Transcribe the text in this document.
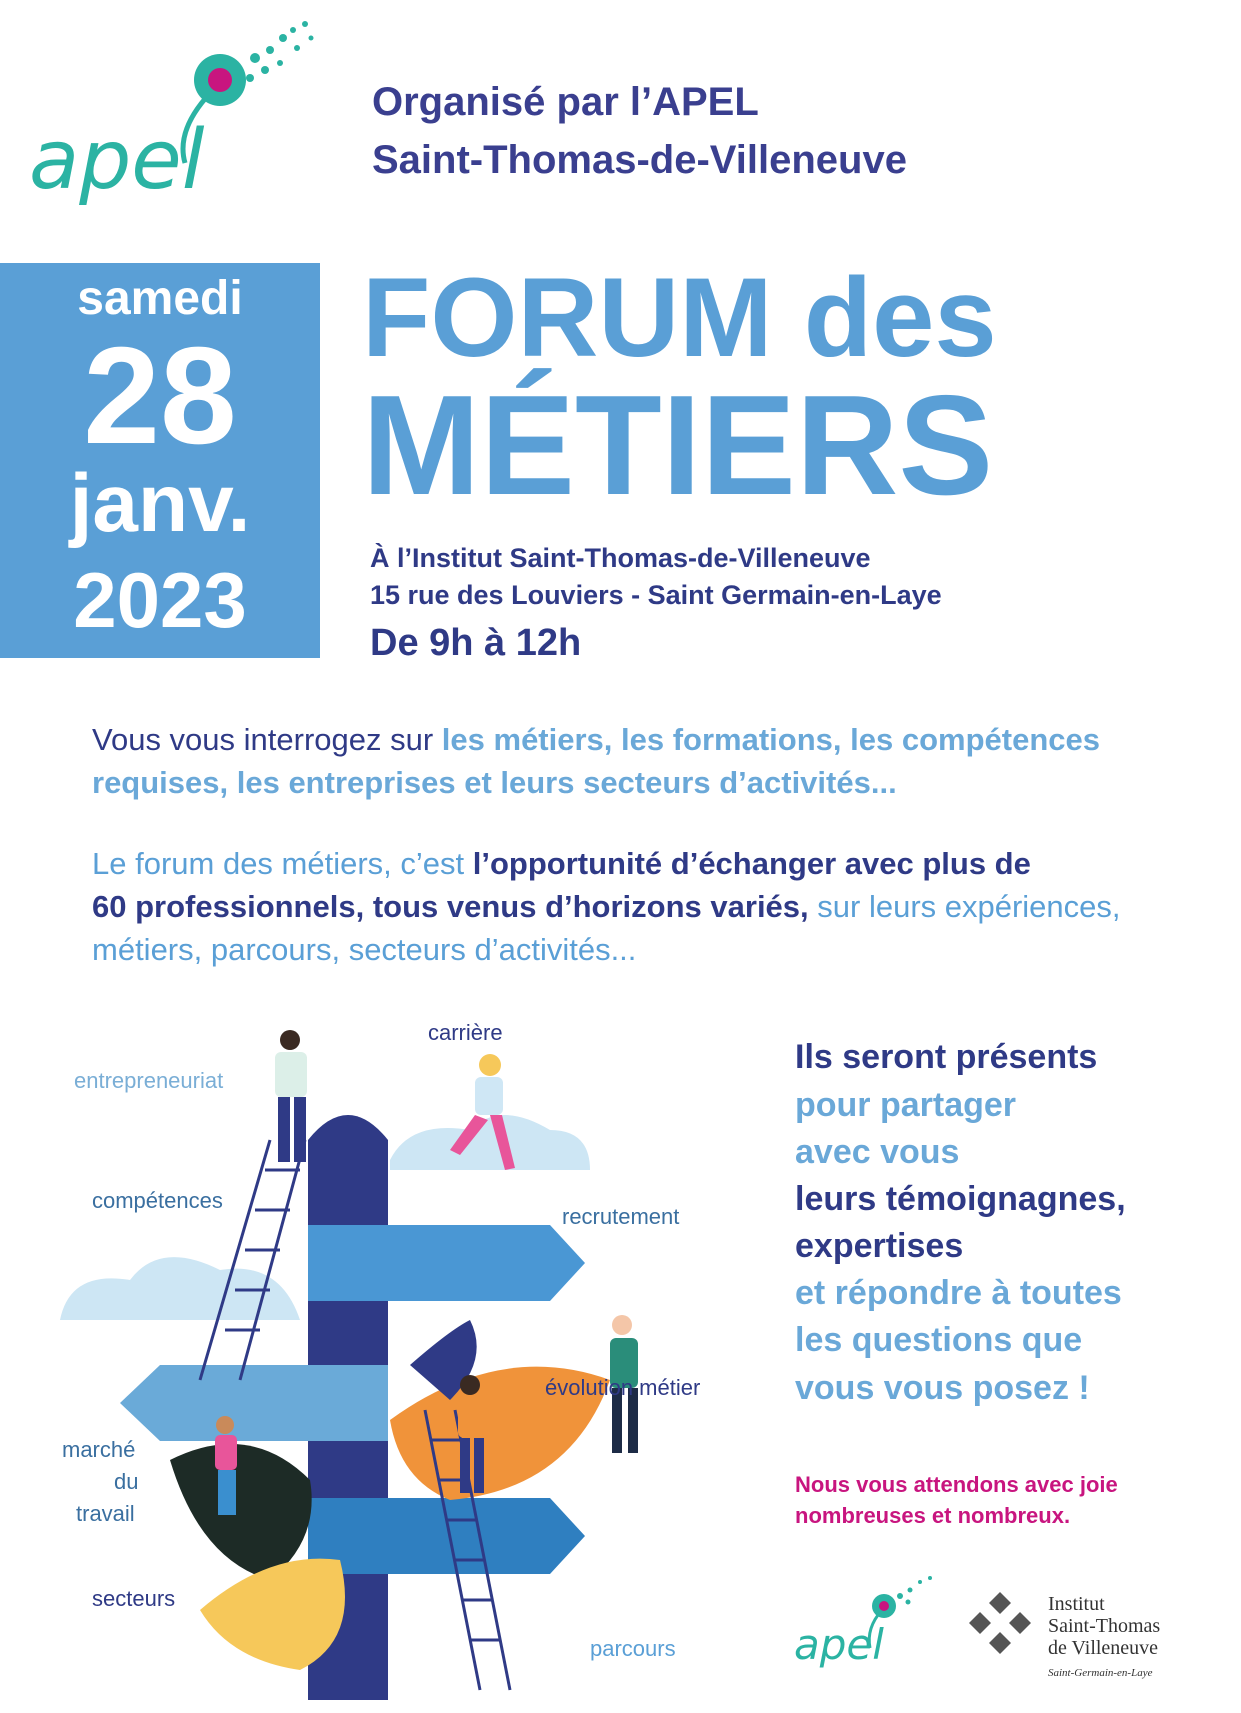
apel
Organisé par l’APEL
Saint-Thomas-de-Villeneuve
samedi
28
janv.
2023
FORUM des
MÉTIERS
À l’Institut Saint-Thomas-de-Villeneuve
15 rue des Louviers - Saint Germain-en-Laye
De 9h à 12h
Vous vous interrogez sur les métiers, les formations, les compétences
requises, les entreprises et leurs secteurs d’activités...
Le forum des métiers, c’est l’opportunité d’échanger avec plus de
60 professionnels, tous venus d’horizons variés, sur leurs expériences,
métiers, parcours, secteurs d’activités...
carrière
entrepreneuriat
compétences
recrutement
évolution métier
marché
du
travail
secteurs
parcours
Ils seront présents
pour partager
avec vous
leurs témoignagnes,
expertises
et répondre à toutes
les questions que
vous vous posez !
Nous vous attendons avec joie
nombreuses et nombreux.
apel
Institut
Saint-Thomas
de Villeneuve
Saint-Germain-en-Laye
